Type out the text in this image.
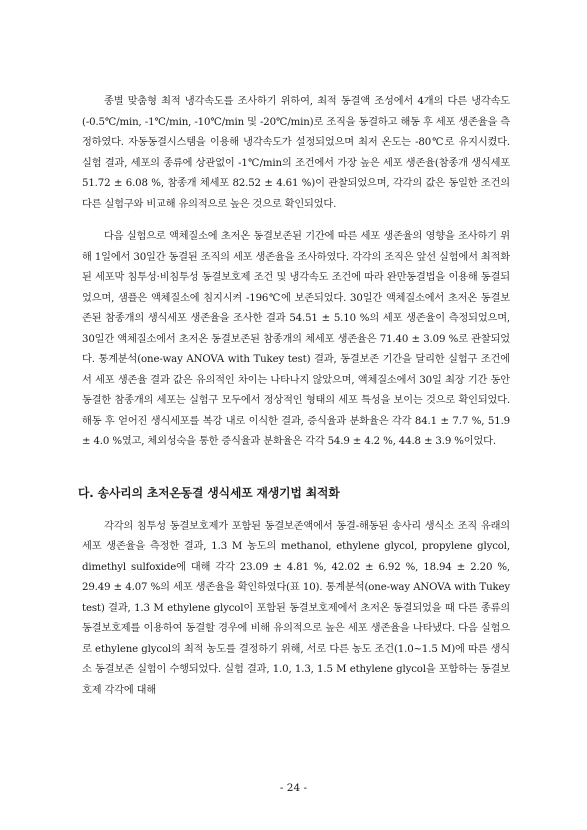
종별 맞춤형 최적 냉각속도를 조사하기 위하여, 최적 동결액 조성에서 4개의 다른 냉각속도(-0.5℃/min, -1℃/min, -10℃/min 및 -20℃/min)로 조직을 동결하고 해동 후 세포 생존율을 측정하였다. 자동동결시스템을 이용해 냉각속도가 설정되었으며 최저 온도는 -80℃로 유지시켰다. 실험 결과, 세포의 종류에 상관없이 -1℃/min의 조건에서 가장 높은 세포 생존율(참종개 생식세포 51.72 ± 6.08 %, 참종개 체세포 82.52 ± 4.61 %)이 관찰되었으며, 각각의 값은 동일한 조건의 다른 실험구와 비교해 유의적으로 높은 것으로 확인되었다.

다음 실험으로 액체질소에 초저온 동결보존된 기간에 따른 세포 생존율의 영향을 조사하기 위해 1일에서 30일간 동결된 조직의 세포 생존율을 조사하였다. 각각의 조직은 앞선 실험에서 최적화된 세포막 침투성·비침투성 동결보호제 조건 및 냉각속도 조건에 따라 완만동결법을 이용해 동결되었으며, 샘플은 액체질소에 침지시켜 -196℃에 보존되었다. 30일간 액체질소에서 초저온 동결보존된 참종개의 생식세포 생존율을 조사한 결과 54.51 ± 5.10 %의 세포 생존율이 측정되었으며, 30일간 액체질소에서 초저온 동결보존된 참종개의 체세포 생존율은 71.40 ± 3.09 %로 관찰되었다. 통계분석(one-way ANOVA with Tukey test) 결과, 동결보존 기간을 달리한 실험구 조건에서 세포 생존율 결과 값은 유의적인 차이는 나타나지 않았으며, 액체질소에서 30일 최장 기간 동안 동결한 참종개의 세포는 실험구 모두에서 정상적인 형태의 세포 특성을 보이는 것으로 확인되었다. 해동 후 얻어진 생식세포를 복강 내로 이식한 결과, 증식율과 분화율은 각각 84.1 ± 7.7 %, 51.9 ± 4.0 %였고, 체외성숙을 통한 증식율과 분화율은 각각 54.9 ± 4.2 %, 44.8 ± 3.9 %이었다.

다. 송사리의 초저온동결 생식세포 재생기법 최적화

각각의 침투성 동결보호제가 포함된 동결보존액에서 동결-해동된 송사리 생식소 조직 유래의 세포 생존율을 측정한 결과, 1.3 M 농도의 methanol, ethylene glycol, propylene glycol, dimethyl sulfoxide에 대해 각각 23.09 ± 4.81 %, 42.02 ± 6.92 %, 18.94 ± 2.20 %, 29.49 ± 4.07 %의 세포 생존율을 확인하였다(표 10). 통계분석(one-way ANOVA with Tukey test) 결과, 1.3 M ethylene glycol이 포함된 동결보호제에서 초저온 동결되었을 때 다른 종류의 동결보호제를 이용하여 동결할 경우에 비해 유의적으로 높은 세포 생존율을 나타냈다. 다음 실험으로 ethylene glycol의 최적 농도를 결정하기 위해, 서로 다른 농도 조건(1.0~1.5 M)에 따른 생식소 동결보존 실험이 수행되었다. 실험 결과, 1.0, 1.3, 1.5 M ethylene glycol을 포함하는 동결보호제 각각에 대해

- 24 -
